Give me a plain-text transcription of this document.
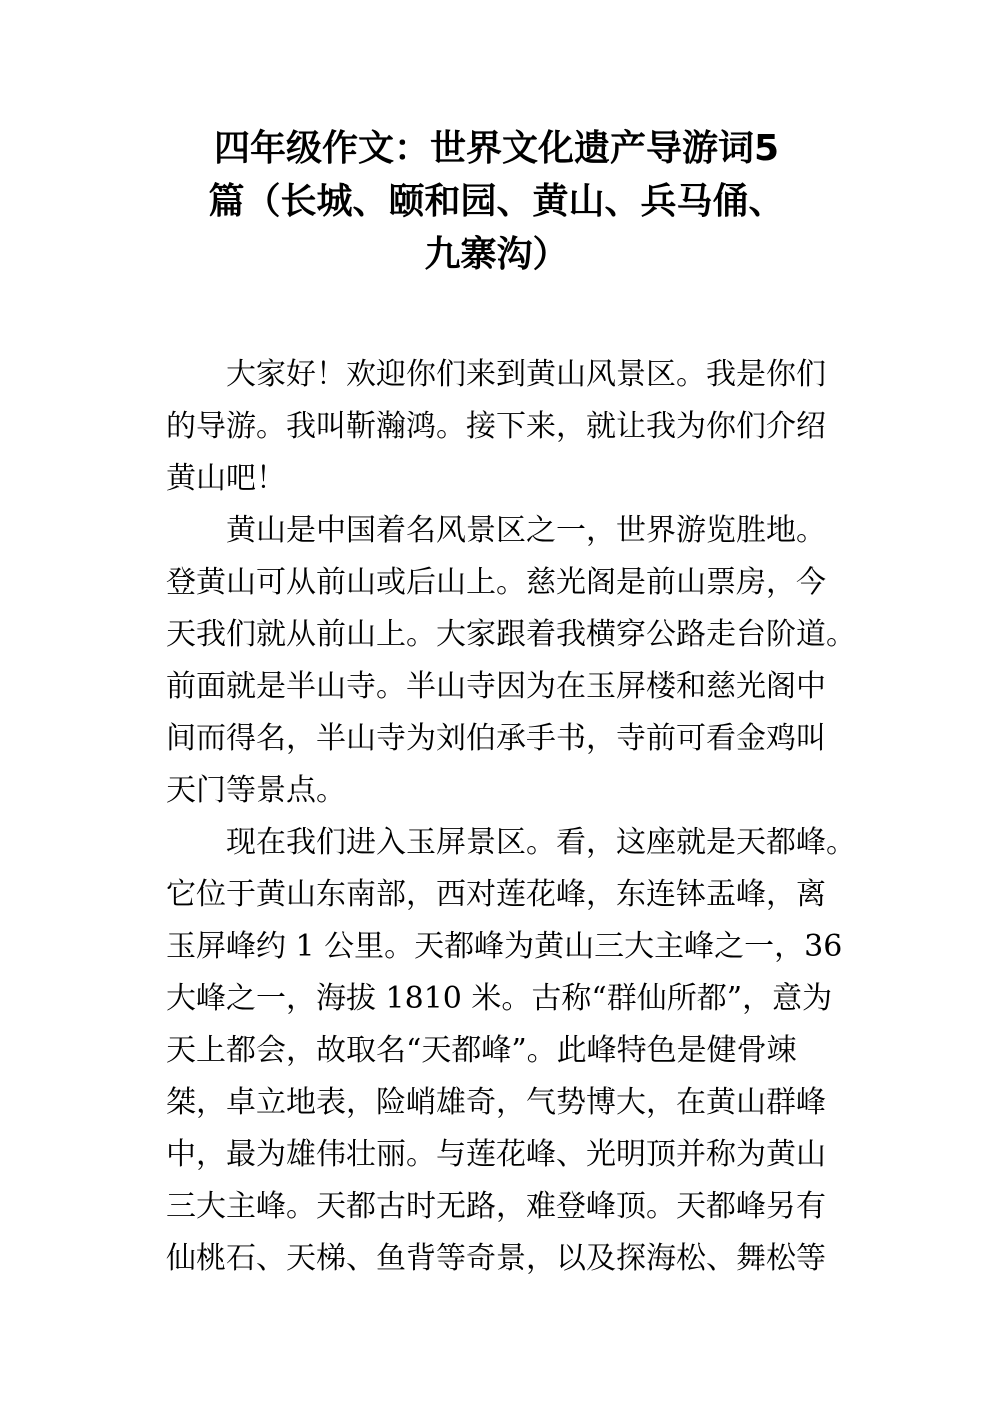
四年级作文：世界文化遗产导游词5
篇（长城、颐和园、黄山、兵马俑、
九寨沟）
大家好！欢迎你们来到黄山风景区。我是你们
的导游。我叫靳瀚鸿。接下来，就让我为你们介绍
黄山吧！
黄山是中国着名风景区之一，世界游览胜地。
登黄山可从前山或后山上。慈光阁是前山票房，今
天我们就从前山上。大家跟着我横穿公路走台阶道。
前面就是半山寺。半山寺因为在玉屏楼和慈光阁中
间而得名，半山寺为刘伯承手书，寺前可看金鸡叫
天门等景点。
现在我们进入玉屏景区。看，这座就是天都峰。
它位于黄山东南部，西对莲花峰，东连钵盂峰，离
玉屏峰约 1 公里。天都峰为黄山三大主峰之一，36
大峰之一，海拔 1810 米。古称“群仙所都”，意为
天上都会，故取名“天都峰”。此峰特色是健骨竦
桀，卓立地表，险峭雄奇，气势博大，在黄山群峰
中，最为雄伟壮丽。与莲花峰、光明顶并称为黄山
三大主峰。天都古时无路，难登峰顶。天都峰另有
仙桃石、天梯、鱼背等奇景，以及探海松、舞松等
